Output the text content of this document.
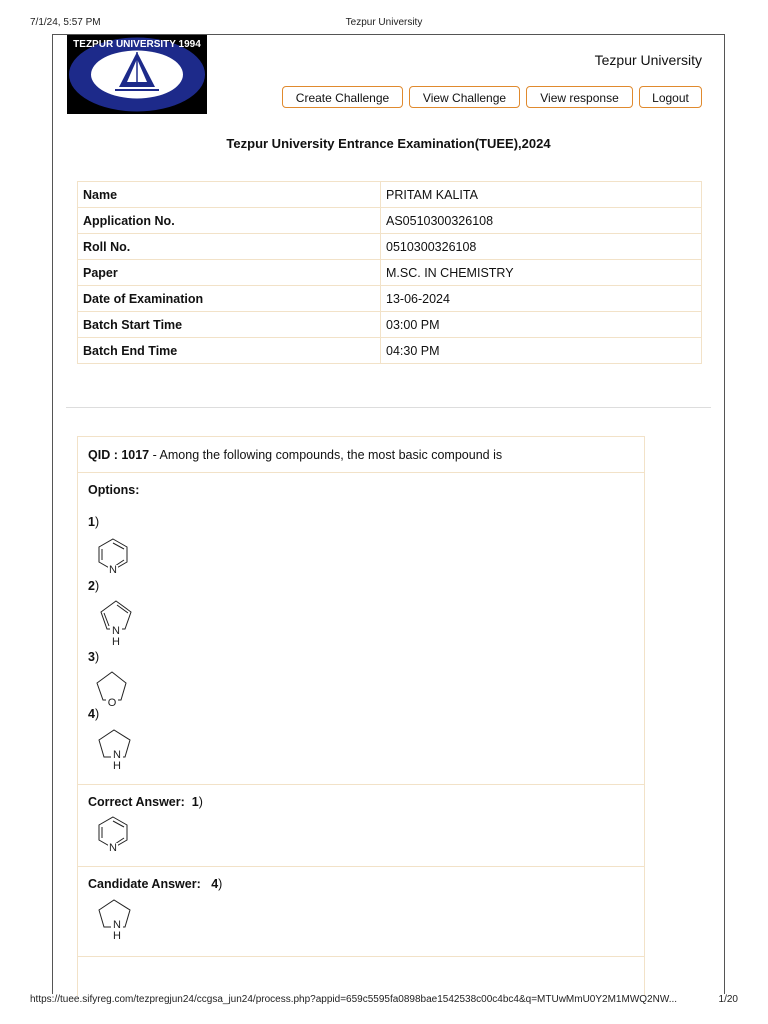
7/1/24, 5:57 PM	Tezpur University
TEZPUR UNIVERSITY 1994
Tezpur University
Create Challenge	View Challenge	View response	Logout
Tezpur University Entrance Examination(TUEE),2024
Name	PRITAM KALITA
Application No.	AS0510300326108
Roll No.	0510300326108
Paper	M.SC. IN CHEMISTRY
Date of Examination	13-06-2024
Batch Start Time	03:00 PM
Batch End Time	04:30 PM
QID : 1017 - Among the following compounds, the most basic compound is
Options:
1)
N
2)
N
H
3)
O
4)
N
H
Correct Answer: 1)
N
Candidate Answer: 4)
N
H
https://tuee.sifyreg.com/tezpregjun24/ccgsa_jun24/process.php?appid=659c5595fa0898bae1542538c00c4bc4&q=MTUwMmU0Y2M1MWQ2NW...	1/20
